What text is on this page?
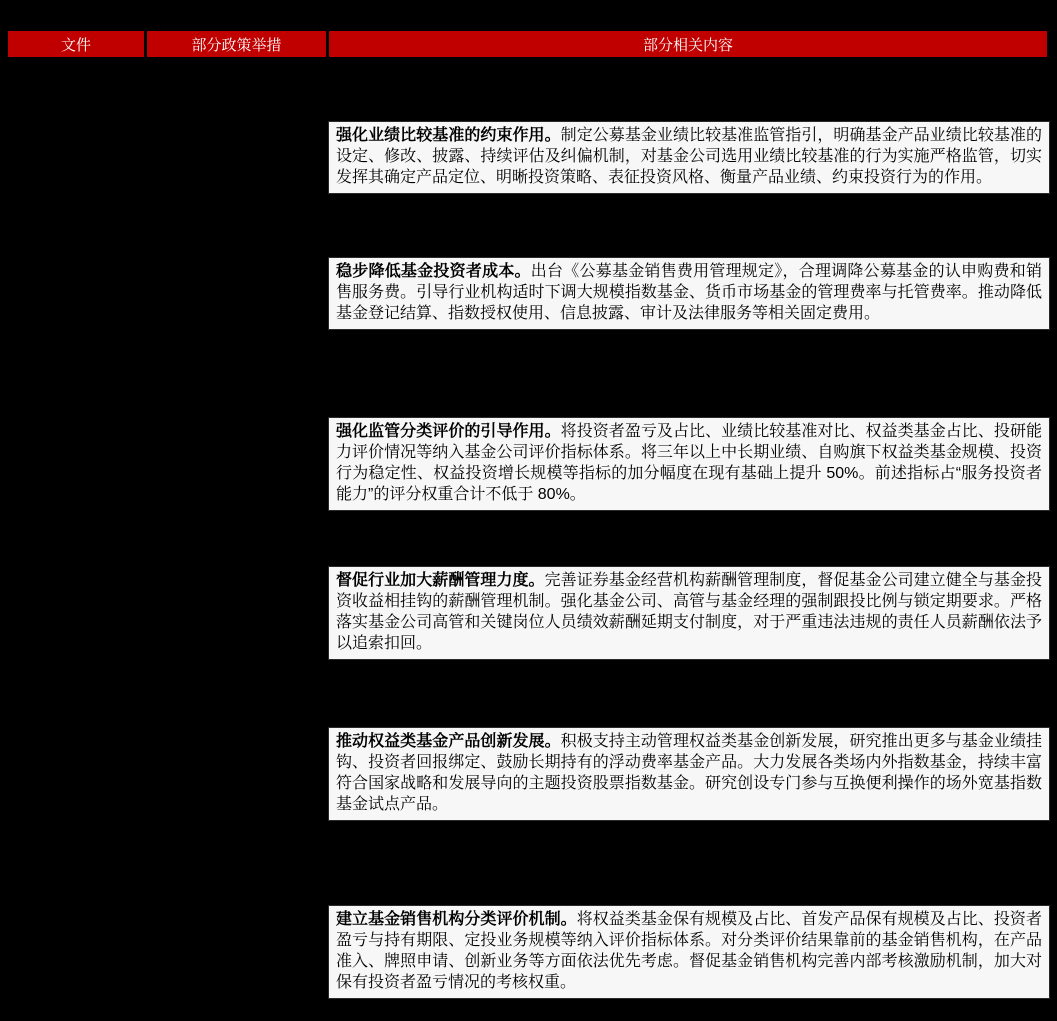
文件	部分政策举措	部分相关内容
强化业绩比较基准的约束作用。制定公募基金业绩比较基准监管指引，明确基金产品业绩比较基准的设定、修改、披露、持续评估及纠偏机制，对基金公司选用业绩比较基准的行为实施严格监管，切实发挥其确定产品定位、明晰投资策略、表征投资风格、衡量产品业绩、约束投资行为的作用。
稳步降低基金投资者成本。出台《公募基金销售费用管理规定》，合理调降公募基金的认申购费和销售服务费。引导行业机构适时下调大规模指数基金、货币市场基金的管理费率与托管费率。推动降低基金登记结算、指数授权使用、信息披露、审计及法律服务等相关固定费用。
强化监管分类评价的引导作用。将投资者盈亏及占比、业绩比较基准对比、权益类基金占比、投研能力评价情况等纳入基金公司评价指标体系。将三年以上中长期业绩、自购旗下权益类基金规模、投资行为稳定性、权益投资增长规模等指标的加分幅度在现有基础上提升 50%。前述指标占“服务投资者能力”的评分权重合计不低于 80%。
督促行业加大薪酬管理力度。完善证券基金经营机构薪酬管理制度，督促基金公司建立健全与基金投资收益相挂钩的薪酬管理机制。强化基金公司、高管与基金经理的强制跟投比例与锁定期要求。严格落实基金公司高管和关键岗位人员绩效薪酬延期支付制度，对于严重违法违规的责任人员薪酬依法予以追索扣回。
推动权益类基金产品创新发展。积极支持主动管理权益类基金创新发展，研究推出更多与基金业绩挂钩、投资者回报绑定、鼓励长期持有的浮动费率基金产品。大力发展各类场内外指数基金，持续丰富符合国家战略和发展导向的主题投资股票指数基金。研究创设专门参与互换便利操作的场外宽基指数基金试点产品。
建立基金销售机构分类评价机制。将权益类基金保有规模及占比、首发产品保有规模及占比、投资者盈亏与持有期限、定投业务规模等纳入评价指标体系。对分类评价结果靠前的基金销售机构，在产品准入、牌照申请、创新业务等方面依法优先考虑。督促基金销售机构完善内部考核激励机制，加大对保有投资者盈亏情况的考核权重。
